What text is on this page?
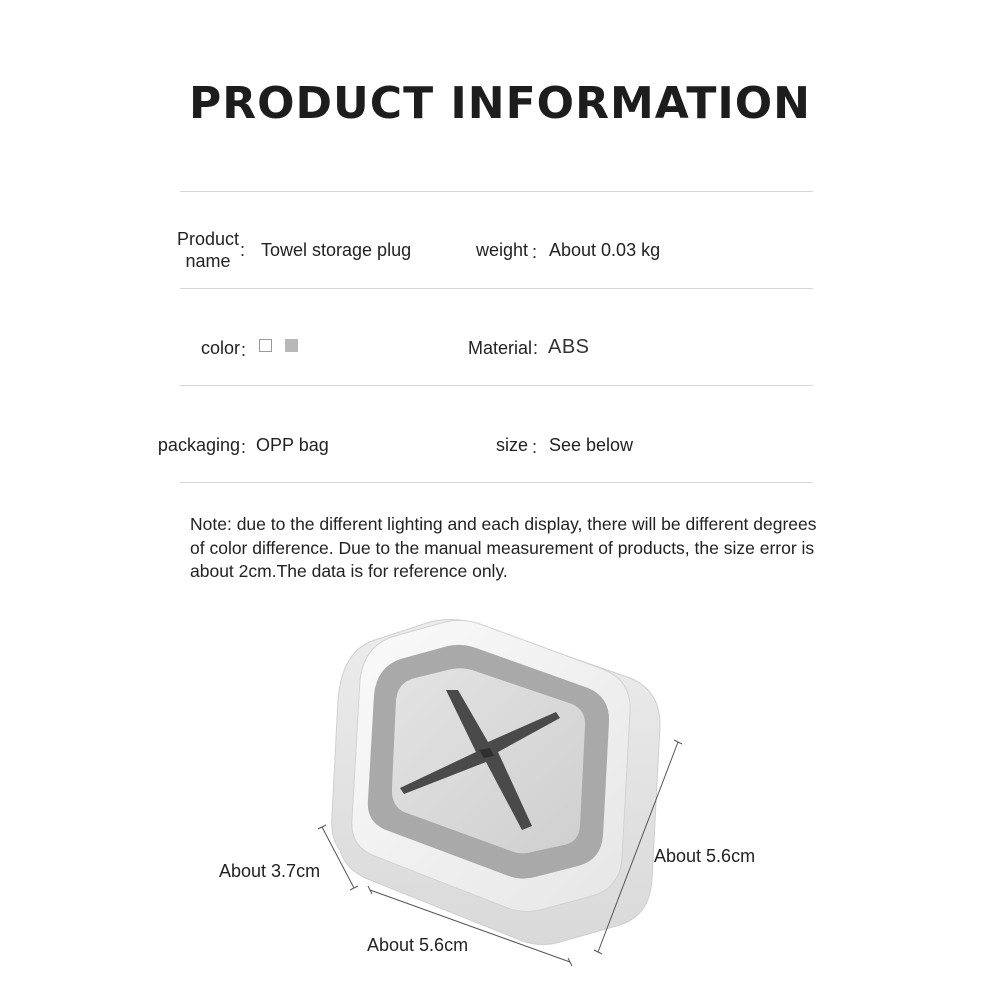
PRODUCT INFORMATION
Product
name
: Towel storage plug	weight : About 0.03 kg
color :	Material : ABS
packaging : OPP bag	size : See below
Note: due to the different lighting and each display, there will be different degrees of color difference. Due to the manual measurement of products, the size error is about 2cm.The data is for reference only.
About 3.7cm
About 5.6cm
About 5.6cm
